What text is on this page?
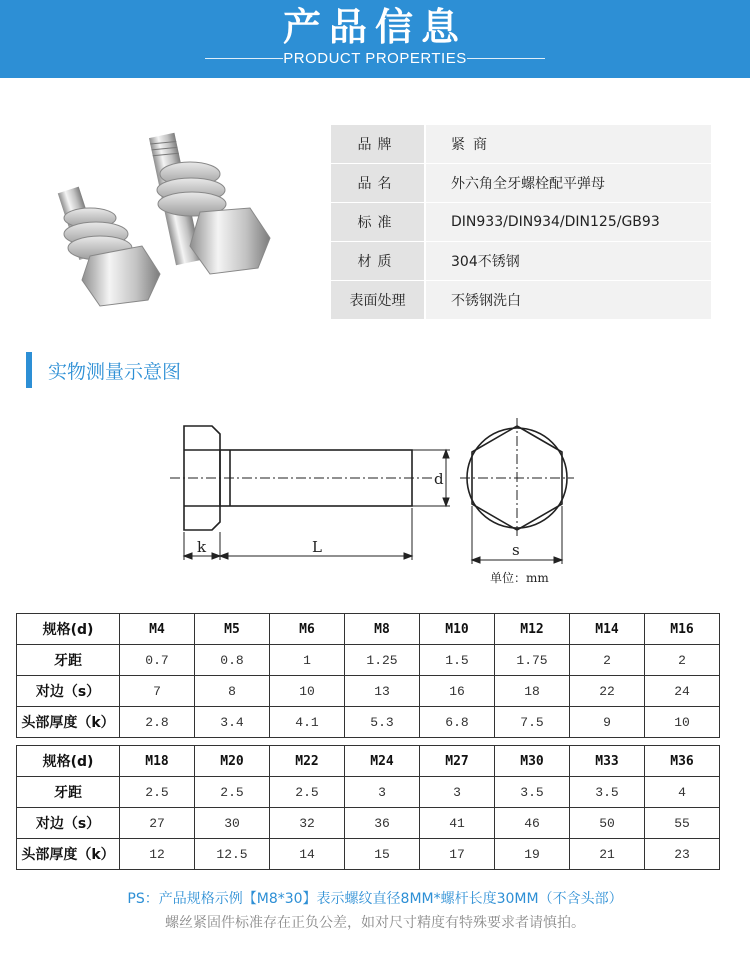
产品信息
PRODUCT PROPERTIES
品牌	紧商
品名	外六角全牙螺栓配平弹母
标准	DIN933/DIN934/DIN125/GB93
材质	304不锈钢
表面处理	不锈钢洗白
实物测量示意图
d
k	L	s
单位：mm
规格(d)	M4	M5	M6	M8	M10	M12	M14	M16
牙距	0.7	0.8	1	1.25	1.5	1.75	2	2
对边（s）	7	8	10	13	16	18	22	24
头部厚度（k）	2.8	3.4	4.1	5.3	6.8	7.5	9	10

规格(d)	M18	M20	M22	M24	M27	M30	M33	M36
牙距	2.5	2.5	2.5	3	3	3.5	3.5	4
对边（s）	27	30	32	36	41	46	50	55
头部厚度（k）	12	12.5	14	15	17	19	21	23
PS：产品规格示例【M8*30】表示螺纹直径8MM*螺杆长度30MM（不含头部）
螺丝紧固件标准存在正负公差，如对尺寸精度有特殊要求者请慎拍。
